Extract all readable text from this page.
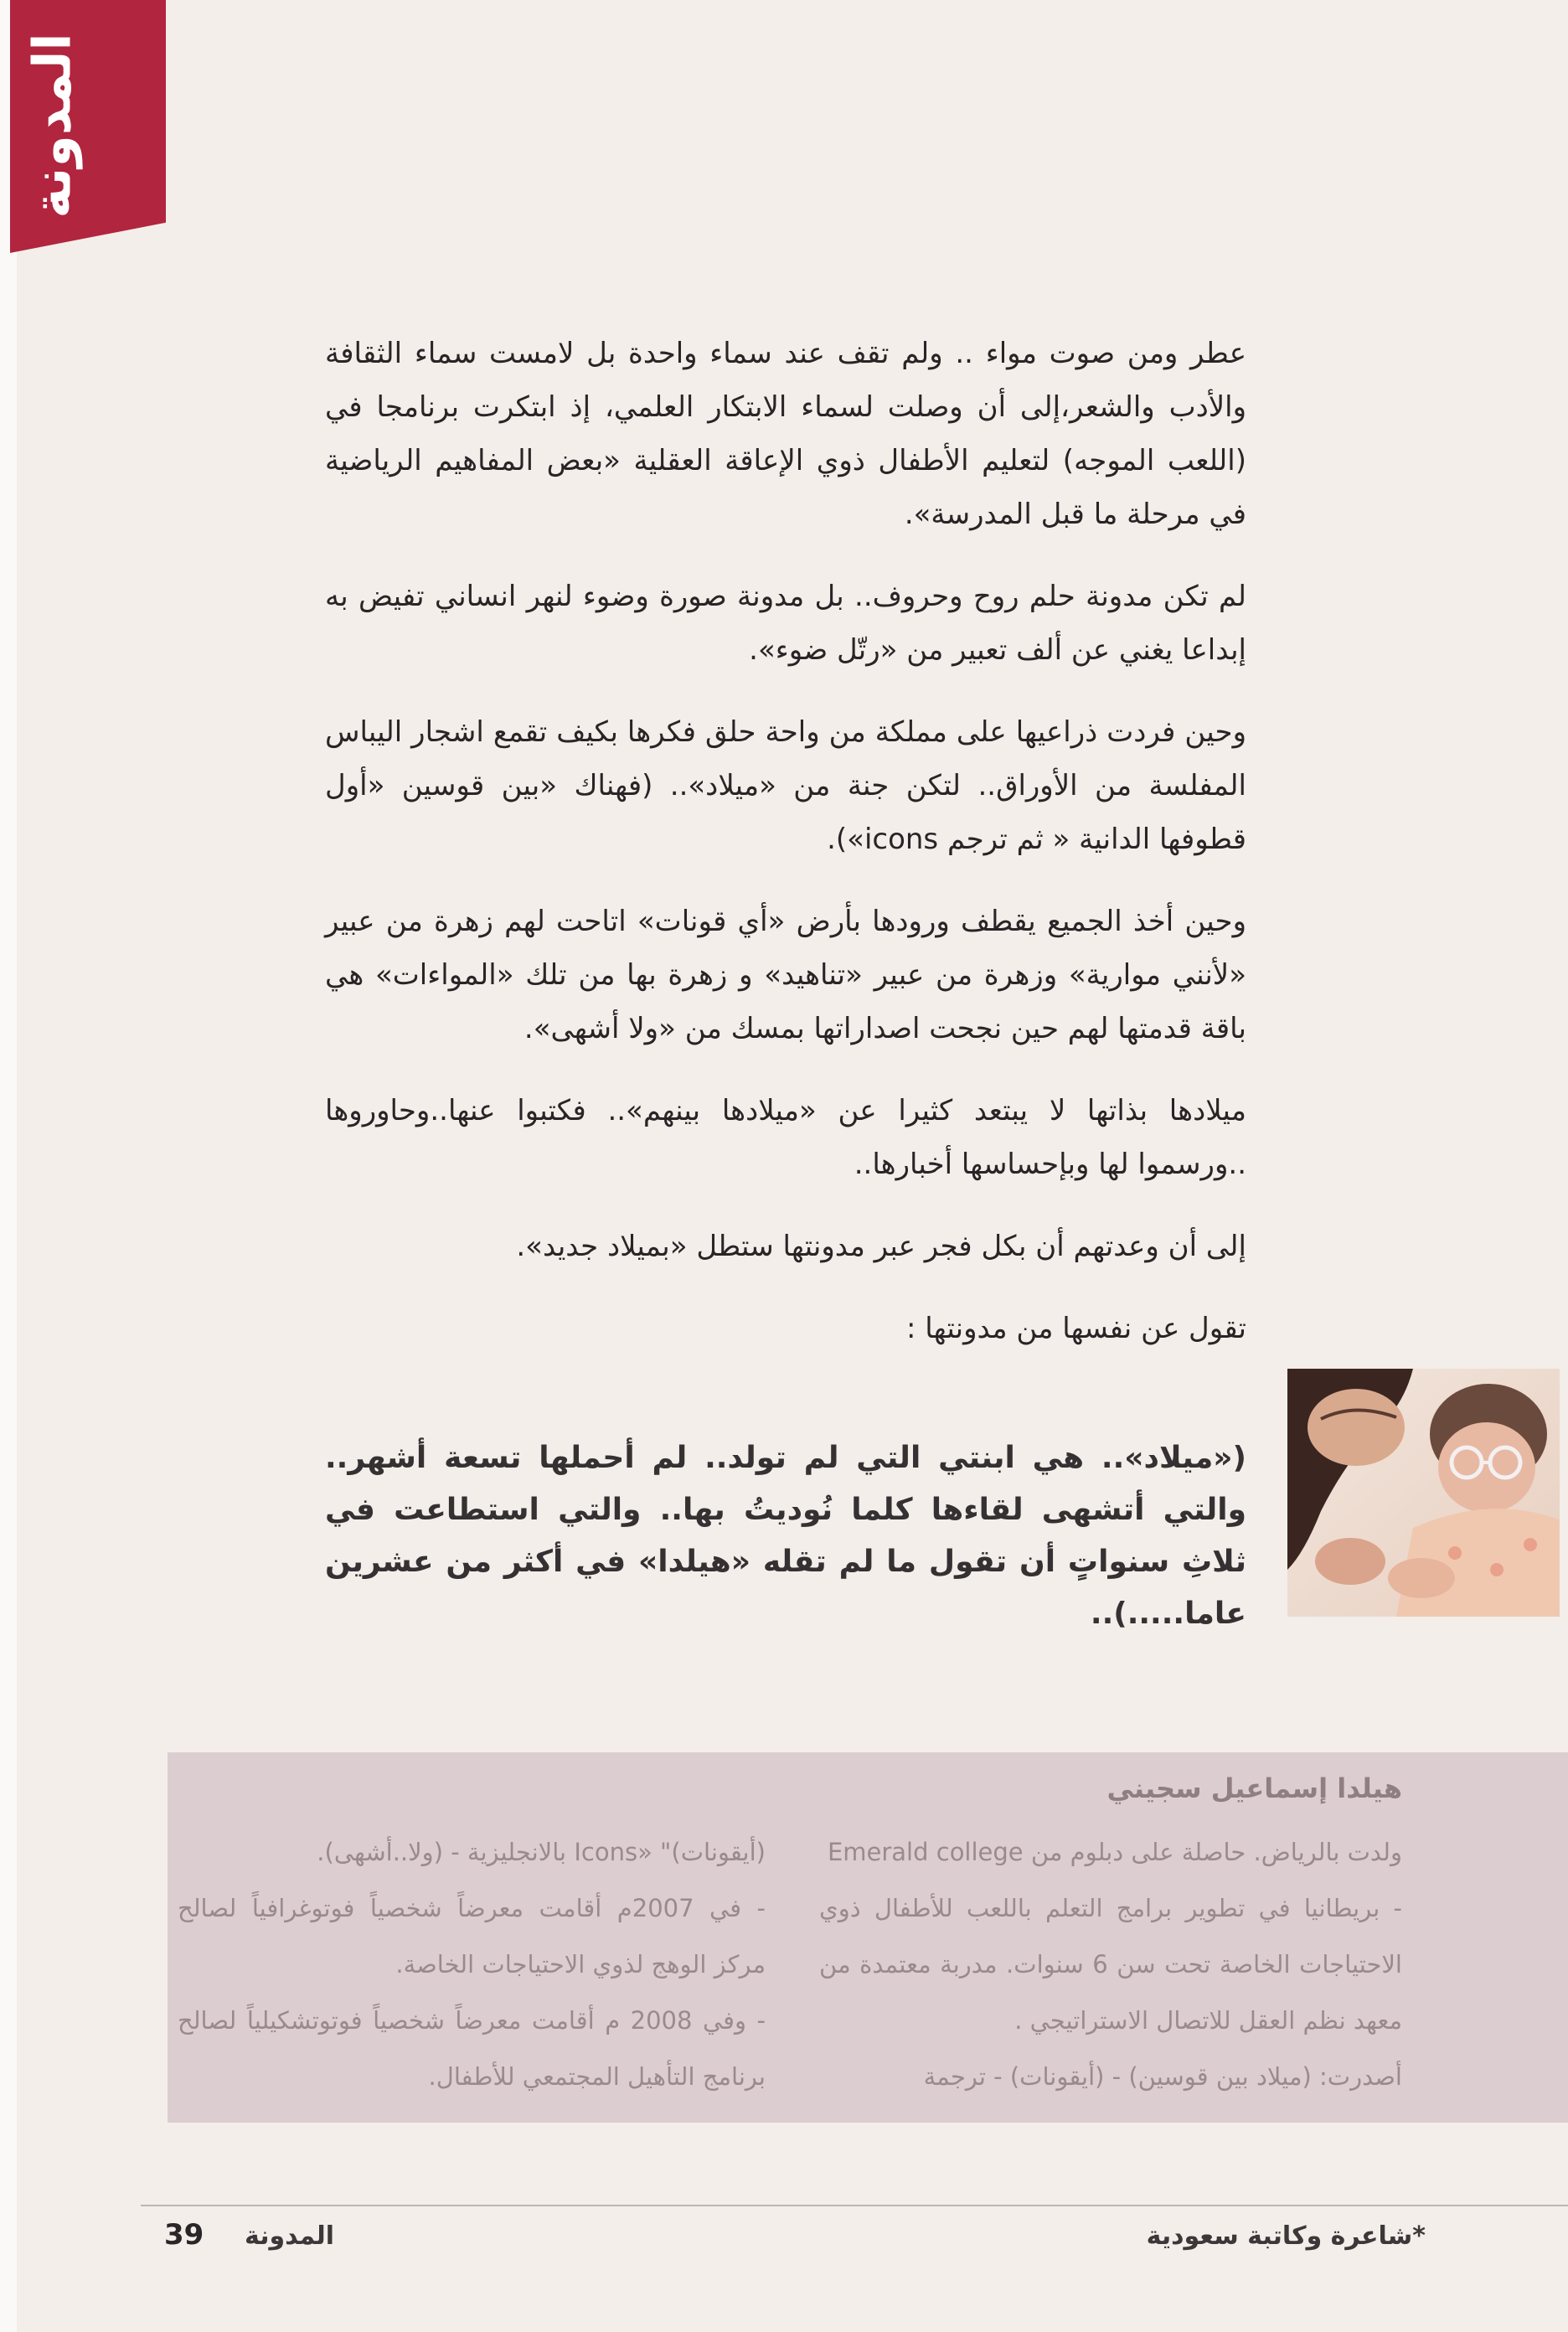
المدونة

عطر ومن صوت مواء .. ولم تقف عند سماء واحدة بل لامست سماء الثقافة والأدب والشعر،إلى أن وصلت لسماء الابتكار العلمي، إذ ابتكرت برنامجا في (اللعب الموجه) لتعليم الأطفال ذوي الإعاقة العقلية «بعض المفاهيم الرياضية في مرحلة ما قبل المدرسة».

لم تكن مدونة حلم روح وحروف.. بل مدونة صورة وضوء لنهر انساني تفيض به إبداعا يغني عن ألف تعبير من «رتّل ضوء».

وحين فردت ذراعيها على مملكة من واحة حلق فكرها بكيف تقمع اشجار اليباس المفلسة من الأوراق.. لتكن جنة من «ميلاد».. (فهناك «بين قوسين «أول قطوفها الدانية « ثم ترجم icons»).

وحين أخذ الجميع يقطف ورودها بأرض «أي قونات» اتاحت لهم زهرة من عبير «لأنني موارية» وزهرة من عبير «تناهيد» و زهرة بها من تلك «المواءات» هي باقة قدمتها لهم حين نجحت اصداراتها بمسك من «ولا أشهى».

ميلادها بذاتها لا يبتعد كثيرا عن «ميلادها بينهم».. فكتبوا عنها..وحاوروها ..ورسموا لها وبإحساسها أخبارها..

إلى أن وعدتهم أن بكل فجر عبر مدونتها ستطل «بميلاد جديد».

تقول عن نفسها من مدونتها :

(«ميلاد».. هي ابنتي التي لم تولد.. لم أحملها تسعة أشهر.. والتي أتشهى لقاءها كلما نُوديتُ بها.. والتي استطاعت في ثلاثِ سنواتٍ أن تقول ما لم تقله «هيلدا» في أكثر من عشرين عاما.....)..
هيلدا إسماعيل سجيني

ولدت بالرياض. حاصلة على دبلوم من Emerald college

- بريطانيا في تطوير برامج التعلم باللعب للأطفال ذوي الاحتياجات الخاصة تحت سن 6 سنوات. مدربة معتمدة من معهد نظم العقل للاتصال الاستراتيجي .

أصدرت: (ميلاد بين قوسين) - (أيقونات) - ترجمة

(أيقونات)" «Icons بالانجليزية - (ولا..أشهى).

- في 2007م أقامت معرضاً شخصياً فوتوغرافياً لصالح مركز الوهج لذوي الاحتياجات الخاصة.

- وفي 2008 م أقامت معرضاً شخصياً فوتوتشكيلياً لصالح برنامج التأهيل المجتمعي للأطفال.

*شاعرة وكاتبة سعودية
المدونة
39
